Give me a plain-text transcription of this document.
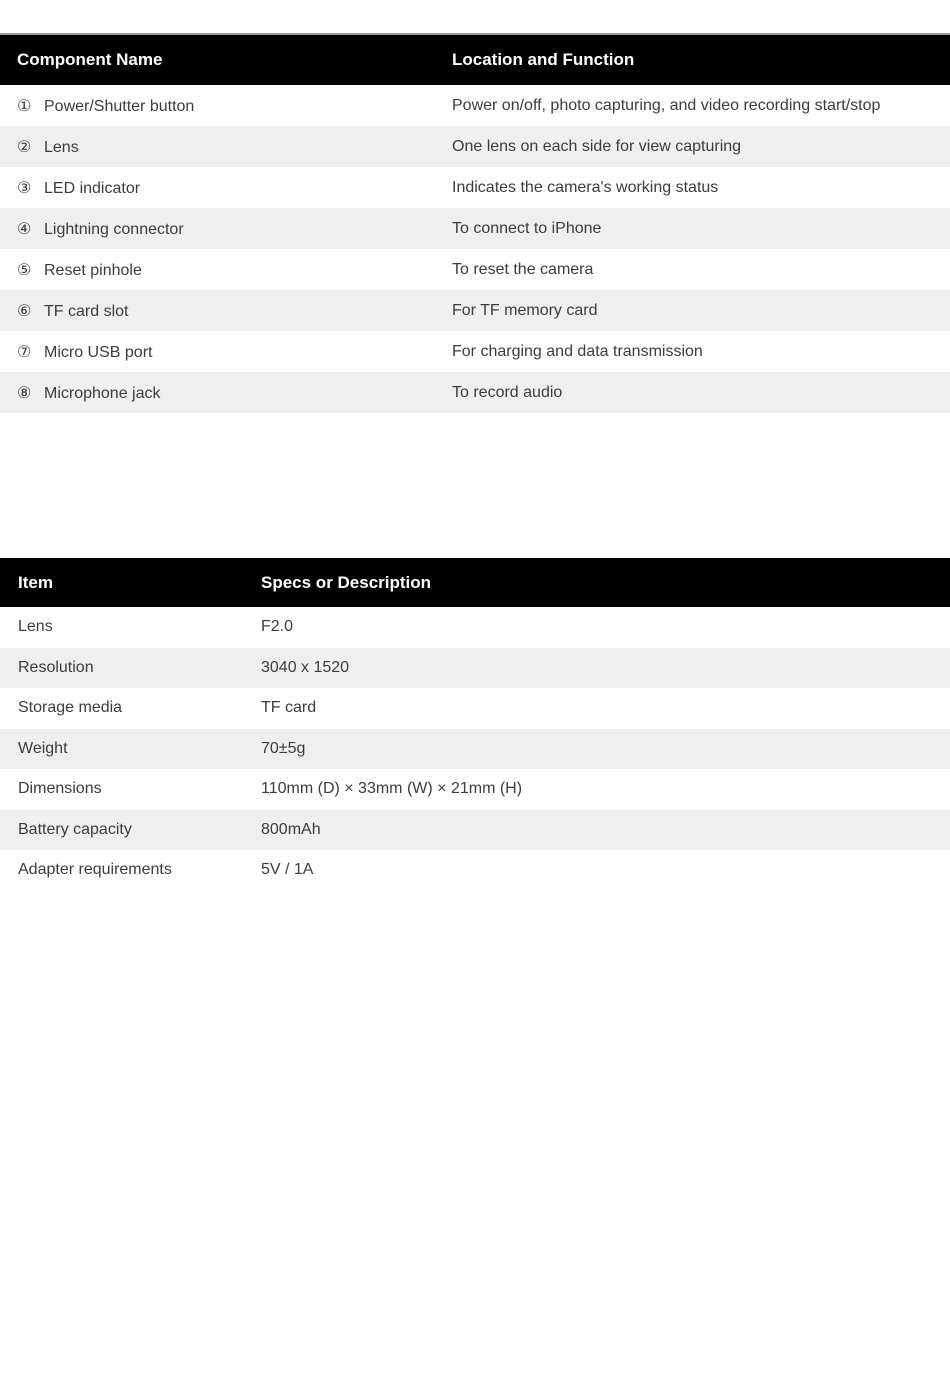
Component Name	Location and Function
① Power/Shutter button	Power on/off, photo capturing, and video recording start/stop
② Lens	One lens on each side for view capturing
③ LED indicator	Indicates the camera's working status
④ Lightning connector	To connect to iPhone
⑤ Reset pinhole	To reset the camera
⑥ TF card slot	For TF memory card
⑦ Micro USB port	For charging and data transmission
⑧ Microphone jack	To record audio
Item	Specs or Description
Lens	F2.0
Resolution	3040 x 1520
Storage media	TF card
Weight	70±5g
Dimensions	110mm (D) × 33mm (W) × 21mm (H)
Battery capacity	800mAh
Adapter requirements	5V / 1A
